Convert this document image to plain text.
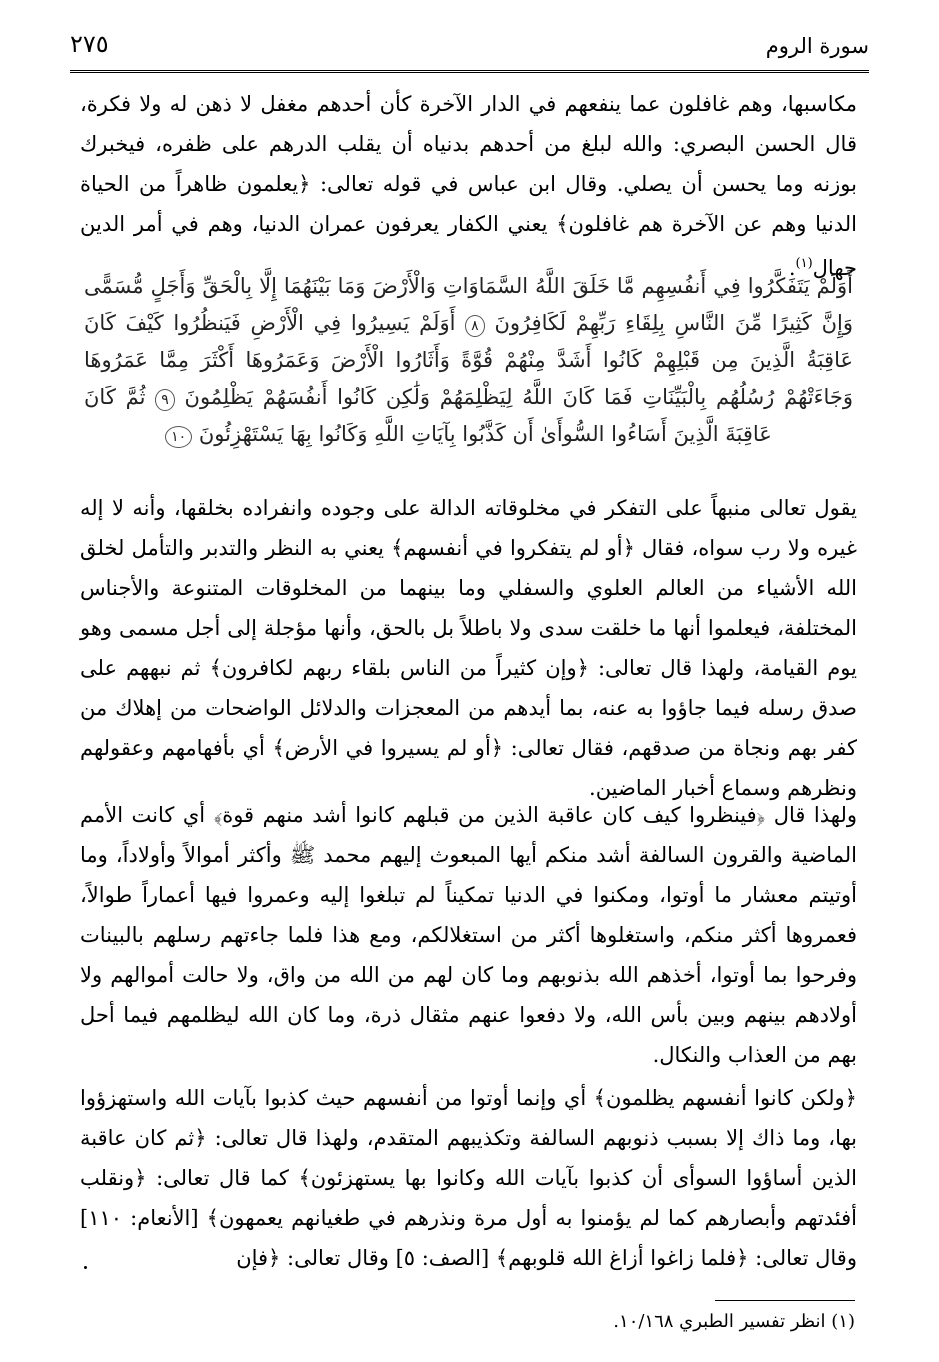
سورة الروم
٢٧٥

مكاسبها، وهم غافلون عما ينفعهم في الدار الآخرة كأن أحدهم مغفل لا ذهن له ولا فكرة، قال الحسن البصري: والله لبلغ من أحدهم بدنياه أن يقلب الدرهم على ظفره، فيخبرك بوزنه وما يحسن أن يصلي. وقال ابن عباس في قوله تعالى: ﴿يعلمون ظاهراً من الحياة الدنيا وهم عن الآخرة هم غافلون﴾ يعني الكفار يعرفون عمران الدنيا، وهم في أمر الدين جهال$^{(١)}$.

أَوَلَمْ يَتَفَكَّرُوا فِي أَنفُسِهِم مَّا خَلَقَ اللَّهُ السَّمَاوَاتِ وَالْأَرْضَ وَمَا بَيْنَهُمَا إِلَّا بِالْحَقِّ وَأَجَلٍ مُّسَمًّى وَإِنَّ كَثِيرًا مِّنَ النَّاسِ بِلِقَاءِ رَبِّهِمْ لَكَافِرُونَ ٨ أَوَلَمْ يَسِيرُوا فِي الْأَرْضِ فَيَنظُرُوا كَيْفَ كَانَ عَاقِبَةُ الَّذِينَ مِن قَبْلِهِمْ كَانُوا أَشَدَّ مِنْهُمْ قُوَّةً وَأَثَارُوا الْأَرْضَ وَعَمَرُوهَا أَكْثَرَ مِمَّا عَمَرُوهَا وَجَاءَتْهُمْ رُسُلُهُم بِالْبَيِّنَاتِ فَمَا كَانَ اللَّهُ لِيَظْلِمَهُمْ وَلَٰكِن كَانُوا أَنفُسَهُمْ يَظْلِمُونَ ٩ ثُمَّ كَانَ عَاقِبَةَ الَّذِينَ أَسَاءُوا السُّوأَىٰ أَن كَذَّبُوا بِآيَاتِ اللَّهِ وَكَانُوا بِهَا يَسْتَهْزِئُونَ ١٠

يقول تعالى منبهاً على التفكر في مخلوقاته الدالة على وجوده وانفراده بخلقها، وأنه لا إله غيره ولا رب سواه، فقال ﴿أو لم يتفكروا في أنفسهم﴾ يعني به النظر والتدبر والتأمل لخلق الله الأشياء من العالم العلوي والسفلي وما بينهما من المخلوقات المتنوعة والأجناس المختلفة، فيعلموا أنها ما خلقت سدى ولا باطلاً بل بالحق، وأنها مؤجلة إلى أجل مسمى وهو يوم القيامة، ولهذا قال تعالى: ﴿وإن كثيراً من الناس بلقاء ربهم لكافرون﴾ ثم نبههم على صدق رسله فيما جاؤوا به عنه، بما أيدهم من المعجزات والدلائل الواضحات من إهلاك من كفر بهم ونجاة من صدقهم، فقال تعالى: ﴿أو لم يسيروا في الأرض﴾ أي بأفهامهم وعقولهم ونظرهم وسماع أخبار الماضين.

ولهذا قال ﴿فينظروا كيف كان عاقبة الذين من قبلهم كانوا أشد منهم قوة﴾ أي كانت الأمم الماضية والقرون السالفة أشد منكم أيها المبعوث إليهم محمد ﷺ وأكثر أموالاً وأولاداً، وما أوتيتم معشار ما أوتوا، ومكنوا في الدنيا تمكيناً لم تبلغوا إليه وعمروا فيها أعماراً طوالاً، فعمروها أكثر منكم، واستغلوها أكثر من استغلالكم، ومع هذا فلما جاءتهم رسلهم بالبينات وفرحوا بما أوتوا، أخذهم الله بذنوبهم وما كان لهم من الله من واق، ولا حالت أموالهم ولا أولادهم بينهم وبين بأس الله، ولا دفعوا عنهم مثقال ذرة، وما كان الله ليظلمهم فيما أحل بهم من العذاب والنكال.

﴿ولكن كانوا أنفسهم يظلمون﴾ أي وإنما أوتوا من أنفسهم حيث كذبوا بآيات الله واستهزؤوا بها، وما ذاك إلا بسبب ذنوبهم السالفة وتكذيبهم المتقدم، ولهذا قال تعالى: ﴿ثم كان عاقبة الذين أساؤوا السوأى أن كذبوا بآيات الله وكانوا بها يستهزئون﴾ كما قال تعالى: ﴿ونقلب أفئدتهم وأبصارهم كما لم يؤمنوا به أول مرة ونذرهم في طغيانهم يعمهون﴾ [الأنعام: ١١٠] وقال تعالى: ﴿فلما زاغوا أزاغ الله قلوبهم﴾ [الصف: ٥] وقال تعالى: ﴿فإن

(١) انظر تفسير الطبري ١٠/١٦٨.
